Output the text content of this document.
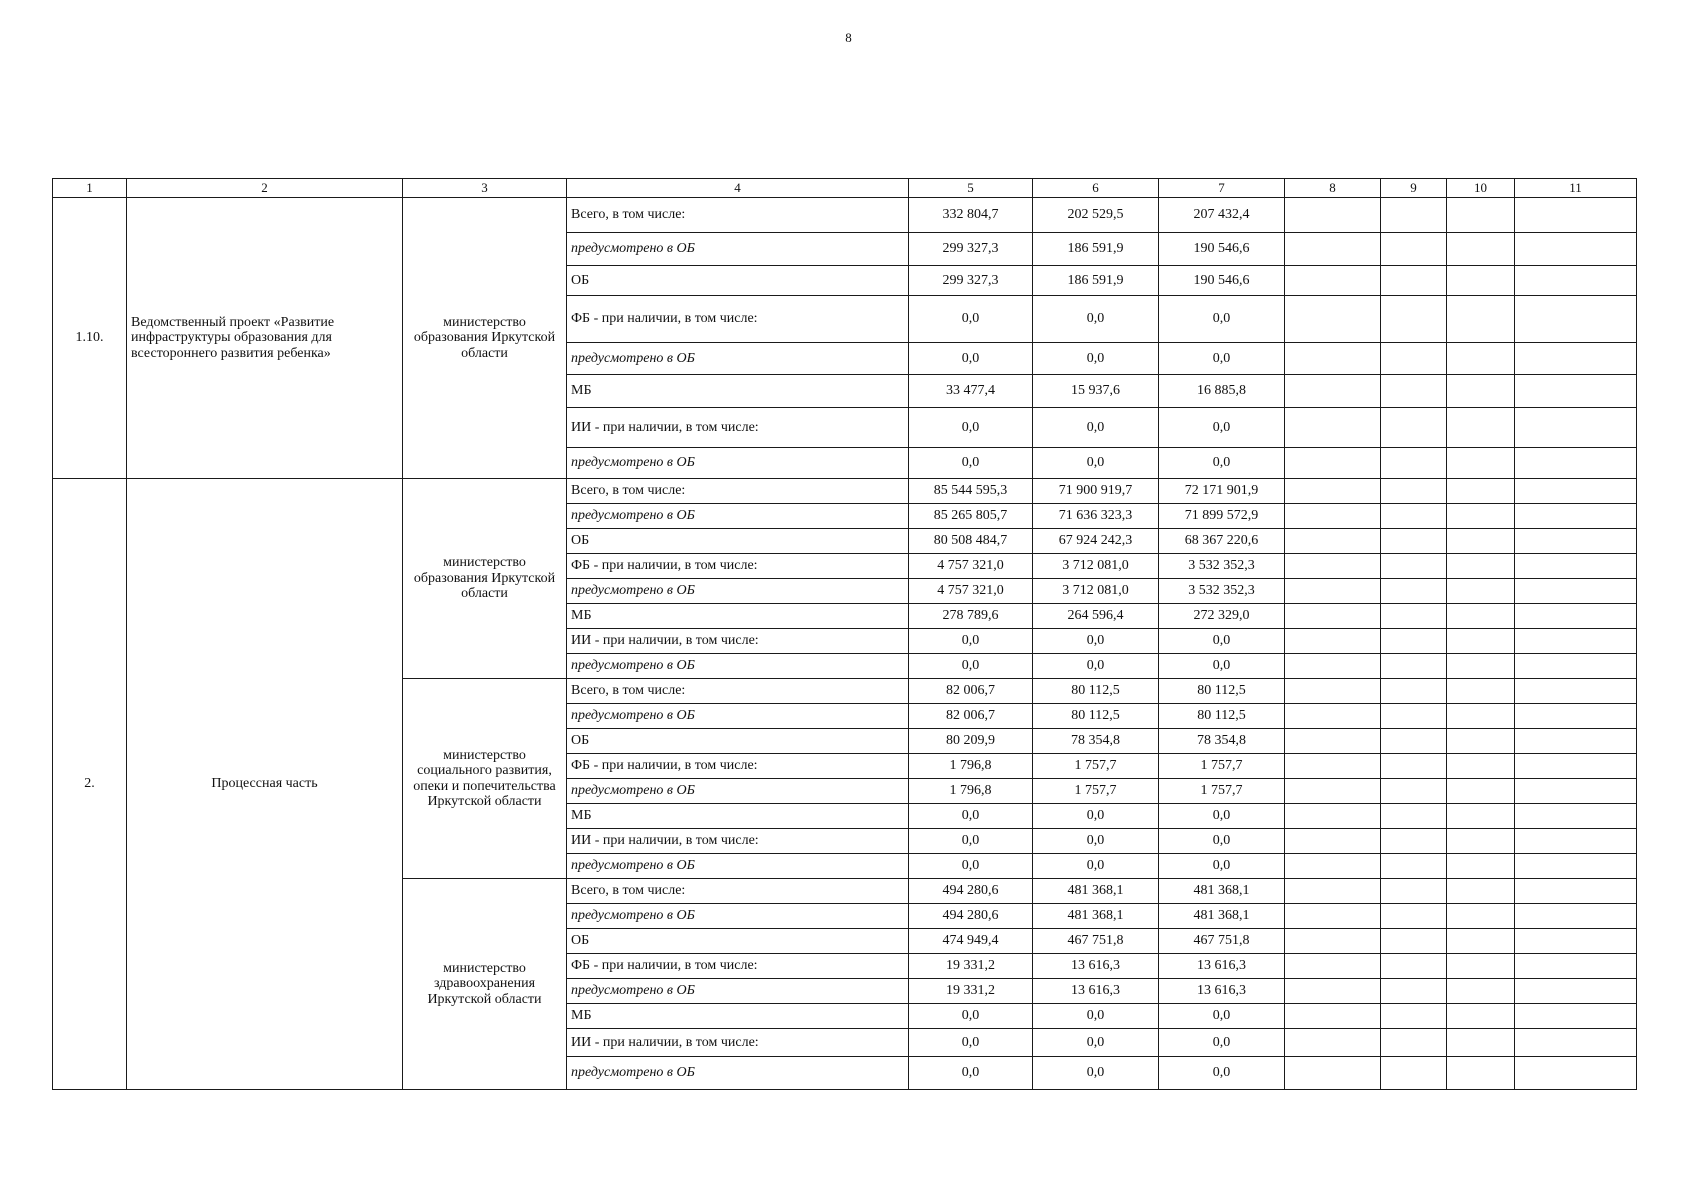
8
1	2	3	4	5	6	7	8	9	10	11
1.10.	Ведомственный проект «Развитие инфраструктуры образования для всестороннего развития ребенка»	министерство образования Иркутской области	Всего, в том числе:	332 804,7	202 529,5	207 432,4				
			предусмотрено в ОБ	299 327,3	186 591,9	190 546,6				
			ОБ	299 327,3	186 591,9	190 546,6				
			ФБ - при наличии, в том числе:	0,0	0,0	0,0				
			предусмотрено в ОБ	0,0	0,0	0,0				
			МБ	33 477,4	15 937,6	16 885,8				
			ИИ - при наличии, в том числе:	0,0	0,0	0,0				
			предусмотрено в ОБ	0,0	0,0	0,0				
2.	Процессная часть	министерство образования Иркутской области	Всего, в том числе:	85 544 595,3	71 900 919,7	72 171 901,9				
			предусмотрено в ОБ	85 265 805,7	71 636 323,3	71 899 572,9				
			ОБ	80 508 484,7	67 924 242,3	68 367 220,6				
			ФБ - при наличии, в том числе:	4 757 321,0	3 712 081,0	3 532 352,3				
			предусмотрено в ОБ	4 757 321,0	3 712 081,0	3 532 352,3				
			МБ	278 789,6	264 596,4	272 329,0				
			ИИ - при наличии, в том числе:	0,0	0,0	0,0				
			предусмотрено в ОБ	0,0	0,0	0,0				
		министерство социального развития, опеки и попечительства Иркутской области	Всего, в том числе:	82 006,7	80 112,5	80 112,5				
			предусмотрено в ОБ	82 006,7	80 112,5	80 112,5				
			ОБ	80 209,9	78 354,8	78 354,8				
			ФБ - при наличии, в том числе:	1 796,8	1 757,7	1 757,7				
			предусмотрено в ОБ	1 796,8	1 757,7	1 757,7				
			МБ	0,0	0,0	0,0				
			ИИ - при наличии, в том числе:	0,0	0,0	0,0				
			предусмотрено в ОБ	0,0	0,0	0,0				
		министерство здравоохранения Иркутской области	Всего, в том числе:	494 280,6	481 368,1	481 368,1				
			предусмотрено в ОБ	494 280,6	481 368,1	481 368,1				
			ОБ	474 949,4	467 751,8	467 751,8				
			ФБ - при наличии, в том числе:	19 331,2	13 616,3	13 616,3				
			предусмотрено в ОБ	19 331,2	13 616,3	13 616,3				
			МБ	0,0	0,0	0,0				
			ИИ - при наличии, в том числе:	0,0	0,0	0,0				
			предусмотрено в ОБ	0,0	0,0	0,0				
